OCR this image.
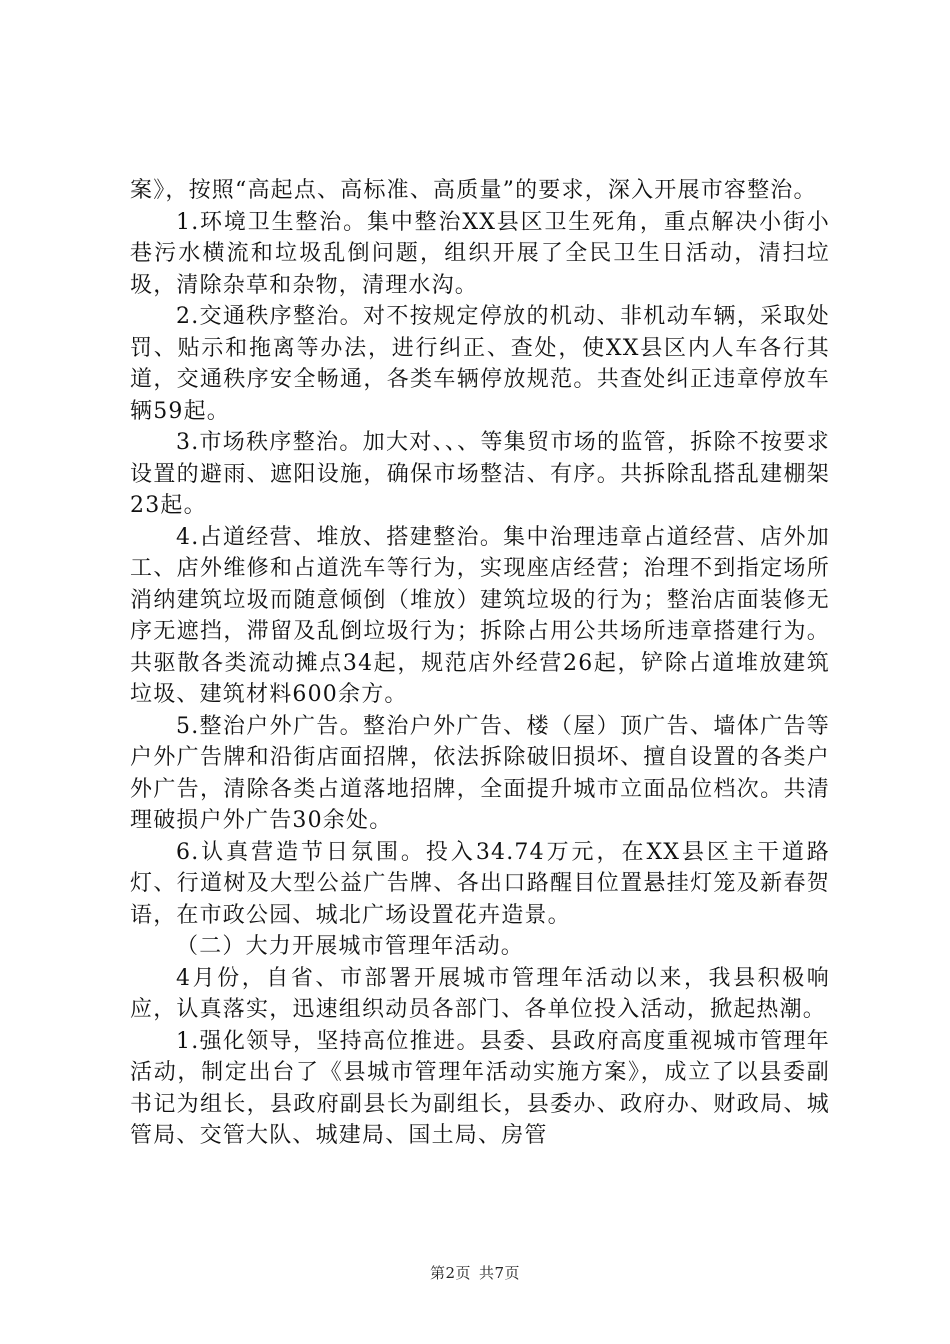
案》，按照“高起点、高标准、高质量”的要求，深入开展市容整治。

1.环境卫生整治。集中整治XX县区卫生死角，重点解决小街小巷污水横流和垃圾乱倒问题，组织开展了全民卫生日活动，清扫垃圾，清除杂草和杂物，清理水沟。

2.交通秩序整治。对不按规定停放的机动、非机动车辆，采取处罚、贴示和拖离等办法，进行纠正、查处，使XX县区内人车各行其道，交通秩序安全畅通，各类车辆停放规范。共查处纠正违章停放车辆59起。

3.市场秩序整治。加大对、、、等集贸市场的监管，拆除不按要求设置的避雨、遮阳设施，确保市场整洁、有序。共拆除乱搭乱建棚架23起。

4.占道经营、堆放、搭建整治。集中治理违章占道经营、店外加工、店外维修和占道洗车等行为，实现座店经营；治理不到指定场所消纳建筑垃圾而随意倾倒（堆放）建筑垃圾的行为；整治店面装修无序无遮挡，滞留及乱倒垃圾行为；拆除占用公共场所违章搭建行为。共驱散各类流动摊点34起，规范店外经营26起，铲除占道堆放建筑垃圾、建筑材料600余方。

5.整治户外广告。整治户外广告、楼（屋）顶广告、墙体广告等户外广告牌和沿街店面招牌，依法拆除破旧损坏、擅自设置的各类户外广告，清除各类占道落地招牌，全面提升城市立面品位档次。共清理破损户外广告30余处。

6.认真营造节日氛围。投入34.74万元，在XX县区主干道路灯、行道树及大型公益广告牌、各出口路醒目位置悬挂灯笼及新春贺语，在市政公园、城北广场设置花卉造景。

（二）大力开展城市管理年活动。

4月份，自省、市部署开展城市管理年活动以来，我县积极响应，认真落实，迅速组织动员各部门、各单位投入活动，掀起热潮。

1.强化领导，坚持高位推进。县委、县政府高度重视城市管理年活动，制定出台了《县城市管理年活动实施方案》，成立了以县委副书记为组长，县政府副县长为副组长，县委办、政府办、财政局、城管局、交管大队、城建局、国土局、房管

第2页 共7页
